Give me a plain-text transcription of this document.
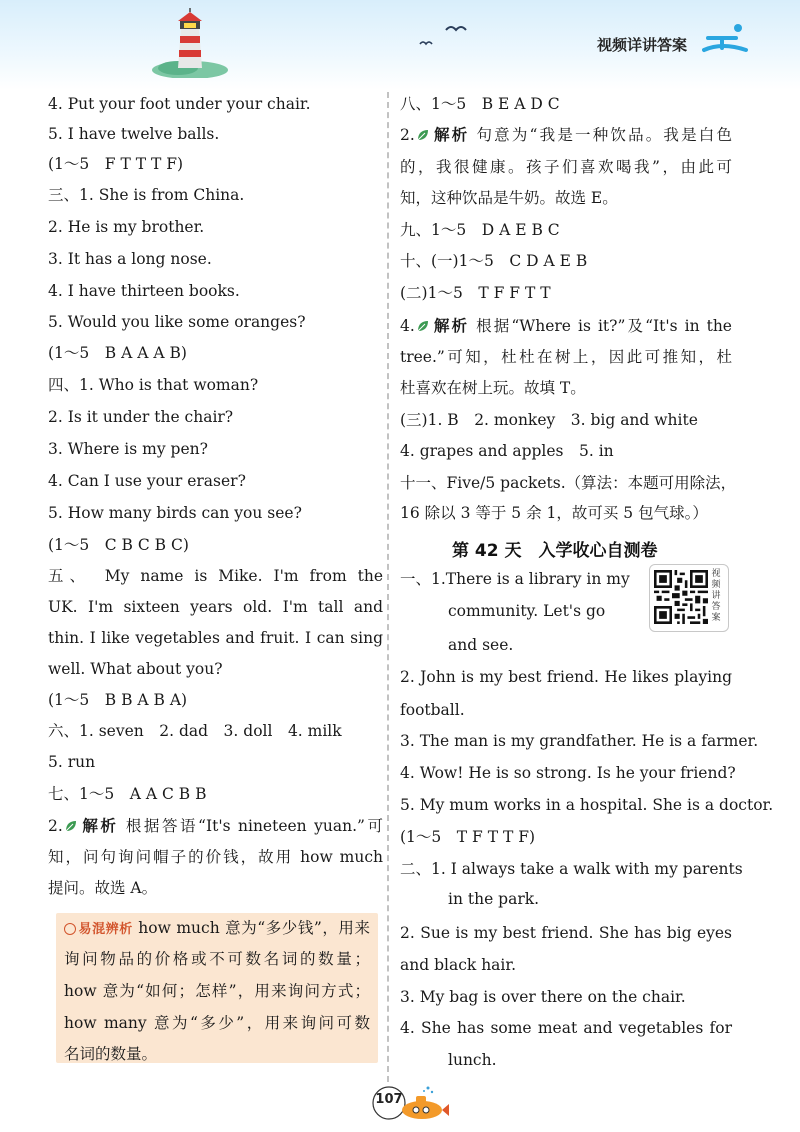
视频详讲答案
4. Put your foot under your chair.
5. I have twelve balls.
(1～5　F T T T F)
三、1. She is from China.
2. He is my brother.
3. It has a long nose.
4. I have thirteen books.
5. Would you like some oranges?
(1～5　B A A A B)
四、1. Who is that woman?
2. Is it under the chair?
3. Where is my pen?
4. Can I use your eraser?
5. How many birds can you see?
(1～5　C B C B C)
五、　My name is Mike. I'm from the
UK. I'm sixteen years old. I'm tall and
thin. I like vegetables and fruit. I can sing
well. What about you?
(1～5　B B A B A)
六、1. seven　2. dad　3. doll　4. milk
5. run
七、1～5　A A C B B
2. 解析 根据答语“It's nineteen yuan.”可
知，问句询问帽子的价钱，故用 how much
提问。故选 A。
易混辨析 how much 意为“多少钱”，用来
询问物品的价格或不可数名词的数量；
how 意为“如何；怎样”，用来询问方式；
how many 意为“多少”，用来询问可数
名词的数量。
八、1～5　B E A D C
2. 解析 句意为“我是一种饮品。我是白色
的，我很健康。孩子们喜欢喝我”，由此可
知，这种饮品是牛奶。故选 E。
九、1～5　D A E B C
十、(一)1～5　C D A E B
(二)1～5　T F F T T
4. 解析 根据“Where is it?”及“It's in the
tree.”可知，杜杜在树上，因此可推知，杜
杜喜欢在树上玩。故填 T。
(三)1. B　2. monkey　3. big and white
4. grapes and apples　5. in
十一、Five/5 packets.（算法：本题可用除法，
16 除以 3 等于 5 余 1，故可买 5 包气球。）
一、1.There is a library in my
community. Let's go
and see.
2. John is my best friend. He likes playing
football.
3. The man is my grandfather. He is a farmer.
4. Wow! He is so strong. Is he your friend?
5. My mum works in a hospital. She is a doctor.
(1～5　T F T T F)
二、1. I always take a walk with my parents
in the park.
2. Sue is my best friend. She has big eyes
and black hair.
3. My bag is over there on the chair.
4. She has some meat and vegetables for
lunch.
第 42 天　入学收心自测卷
视频讲答案
107
